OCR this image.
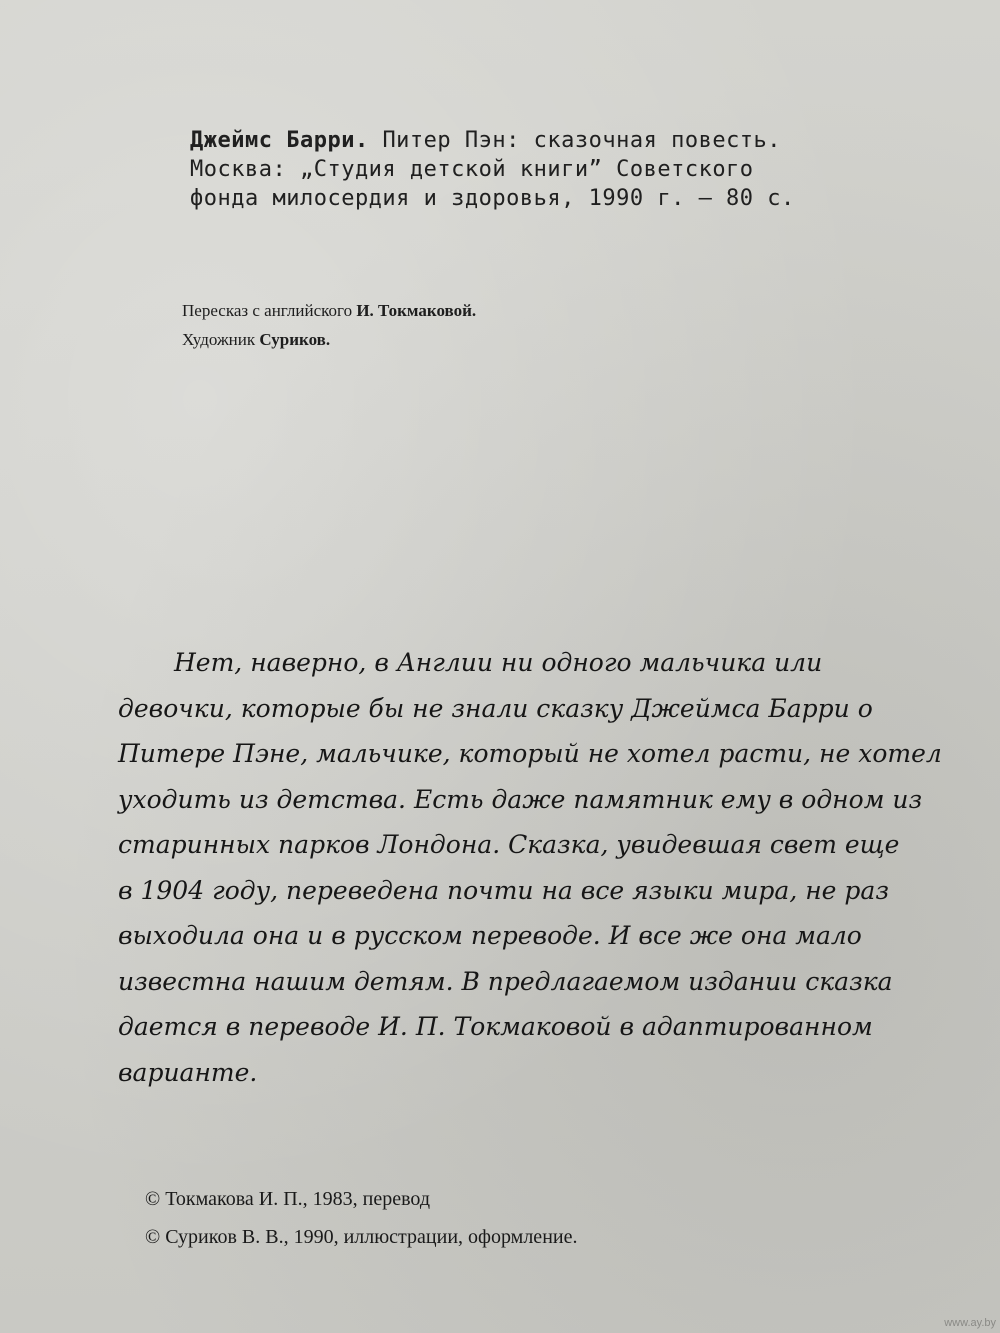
Джеймс Барри. Питер Пэн: сказочная повесть.
Москва: „Студия детской книги” Советского
фонда милосердия и здоровья, 1990 г. – 80 с.
Пересказ с английского И. Токмаковой.
Художник Суриков.
Нет, наверно, в Англии ни одного мальчика или
девочки, которые бы не знали сказку Джеймса Барри о
Питере Пэне, мальчике, который не хотел расти, не хотел
уходить из детства. Есть даже памятник ему в одном из
старинных парков Лондона. Сказка, увидевшая свет еще
в 1904 году, переведена почти на все языки мира, не раз
выходила она и в русском переводе. И все же она мало
известна нашим детям. В предлагаемом издании сказка
дается в переводе И. П. Токмаковой в адаптированном
варианте.
© Токмакова И. П., 1983, перевод
© Суриков В. В., 1990, иллюстрации, оформление.
www.ay.by
